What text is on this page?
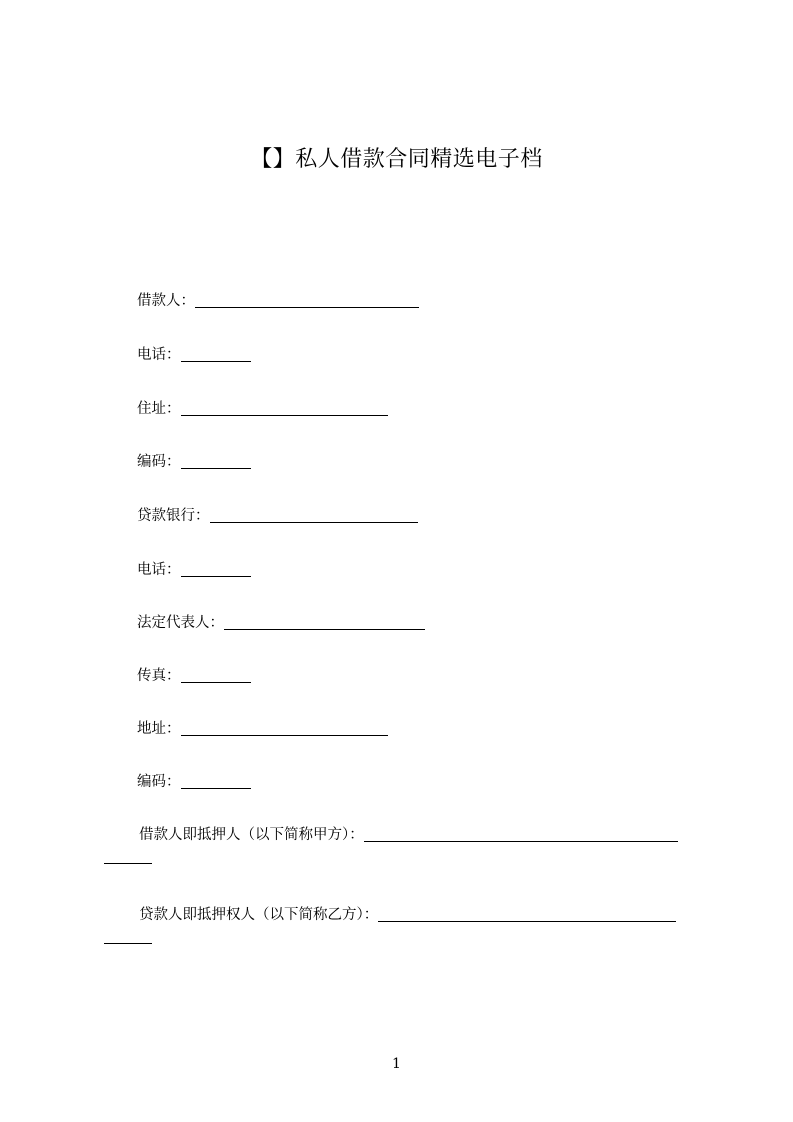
【】私人借款合同精选电子档
借款人：
电话：
住址：
编码：
贷款银行：
电话：
法定代表人：
传真：
地址：
编码：
借款人即抵押人（以下简称甲方）：
贷款人即抵押权人（以下简称乙方）：
1
